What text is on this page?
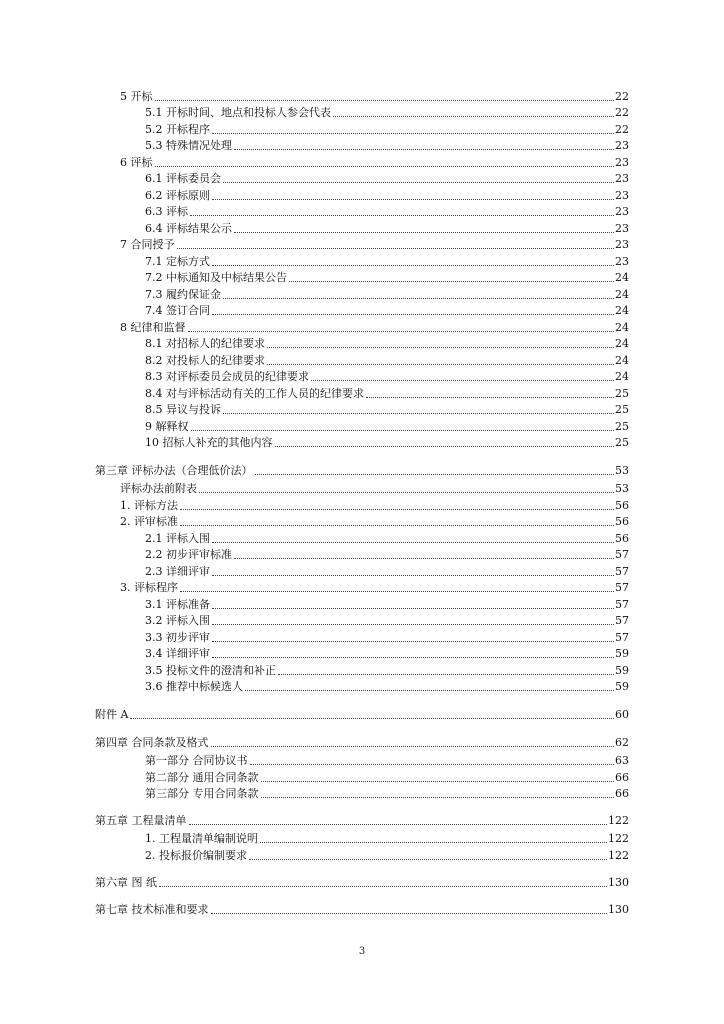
5 开标	22
5.1 开标时间、地点和投标人参会代表	22
5.2 开标程序	22
5.3 特殊情况处理	23
6 评标	23
6.1 评标委员会	23
6.2 评标原则	23
6.3 评标	23
6.4 评标结果公示	23
7 合同授予	23
7.1 定标方式	23
7.2 中标通知及中标结果公告	24
7.3 履约保证金	24
7.4 签订合同	24
8 纪律和监督	24
8.1 对招标人的纪律要求	24
8.2 对投标人的纪律要求	24
8.3 对评标委员会成员的纪律要求	24
8.4 对与评标活动有关的工作人员的纪律要求	25
8.5 异议与投诉	25
9 解释权	25
10 招标人补充的其他内容	25
第三章 评标办法（合理低价法）	53
评标办法前附表	53
1. 评标方法	56
2. 评审标准	56
2.1 评标入围	56
2.2 初步评审标准	57
2.3 详细评审	57
3. 评标程序	57
3.1 评标准备	57
3.2 评标入围	57
3.3 初步评审	57
3.4 详细评审	59
3.5 投标文件的澄清和补正	59
3.6 推荐中标候选人	59
附件 A	60
第四章 合同条款及格式	62
第一部分 合同协议书	63
第二部分 通用合同条款	66
第三部分 专用合同条款	66
第五章 工程量清单	122
1. 工程量清单编制说明	122
2. 投标报价编制要求	122
第六章 图 纸	130
第七章 技术标准和要求	130
3
